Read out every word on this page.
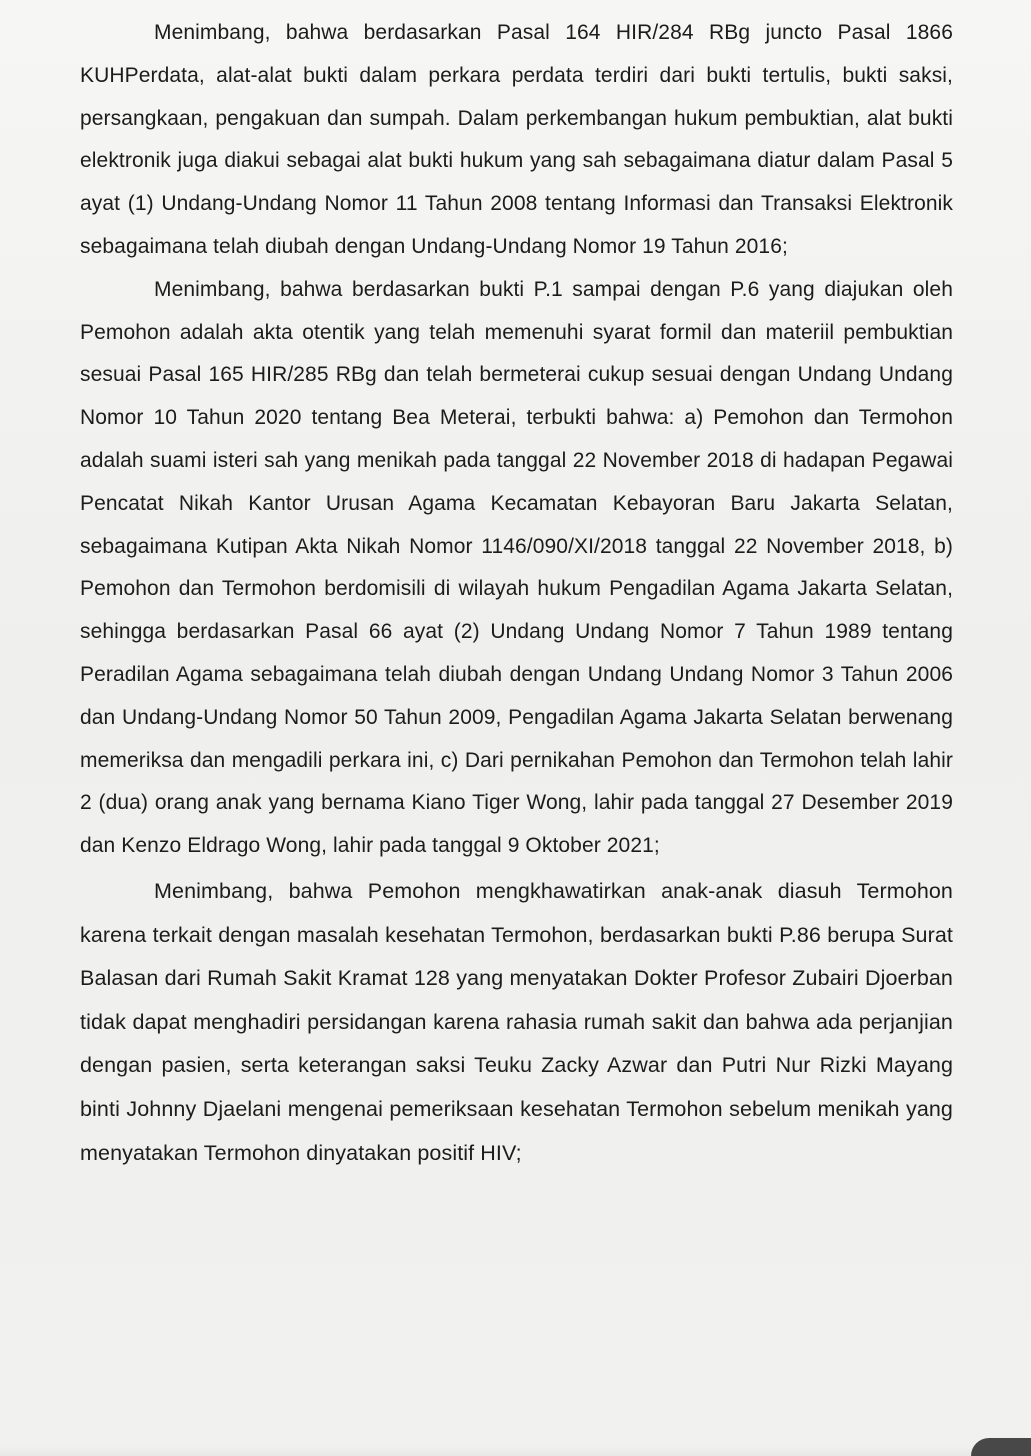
Menimbang, bahwa berdasarkan Pasal 164 HIR/284 RBg juncto Pasal 1866 KUHPerdata, alat-alat bukti dalam perkara perdata terdiri dari bukti tertulis, bukti saksi, persangkaan, pengakuan dan sumpah. Dalam perkembangan hukum pembuktian, alat bukti elektronik juga diakui sebagai alat bukti hukum yang sah sebagaimana diatur dalam Pasal 5 ayat (1) Undang-Undang Nomor 11 Tahun 2008 tentang Informasi dan Transaksi Elektronik sebagaimana telah diubah dengan Undang-Undang Nomor 19 Tahun 2016;

Menimbang, bahwa berdasarkan bukti P.1 sampai dengan P.6 yang diajukan oleh Pemohon adalah akta otentik yang telah memenuhi syarat formil dan materiil pembuktian sesuai Pasal 165 HIR/285 RBg dan telah bermeterai cukup sesuai dengan Undang Undang Nomor 10 Tahun 2020 tentang Bea Meterai, terbukti bahwa: a) Pemohon dan Termohon adalah suami isteri sah yang menikah pada tanggal 22 November 2018 di hadapan Pegawai Pencatat Nikah Kantor Urusan Agama Kecamatan Kebayoran Baru Jakarta Selatan, sebagaimana Kutipan Akta Nikah Nomor 1146/090/XI/2018 tanggal 22 November 2018, b) Pemohon dan Termohon berdomisili di wilayah hukum Pengadilan Agama Jakarta Selatan, sehingga berdasarkan Pasal 66 ayat (2) Undang Undang Nomor 7 Tahun 1989 tentang Peradilan Agama sebagaimana telah diubah dengan Undang Undang Nomor 3 Tahun 2006 dan Undang-Undang Nomor 50 Tahun 2009, Pengadilan Agama Jakarta Selatan berwenang memeriksa dan mengadili perkara ini, c) Dari pernikahan Pemohon dan Termohon telah lahir 2 (dua) orang anak yang bernama Kiano Tiger Wong, lahir pada tanggal 27 Desember 2019 dan Kenzo Eldrago Wong, lahir pada tanggal 9 Oktober 2021;

Menimbang, bahwa Pemohon mengkhawatirkan anak-anak diasuh Termohon karena terkait dengan masalah kesehatan Termohon, berdasarkan bukti P.86 berupa Surat Balasan dari Rumah Sakit Kramat 128 yang menyatakan Dokter Profesor Zubairi Djoerban tidak dapat menghadiri persidangan karena rahasia rumah sakit dan bahwa ada perjanjian dengan pasien, serta keterangan saksi Teuku Zacky Azwar dan Putri Nur Rizki Mayang binti Johnny Djaelani mengenai pemeriksaan kesehatan Termohon sebelum menikah yang menyatakan Termohon dinyatakan positif HIV;
